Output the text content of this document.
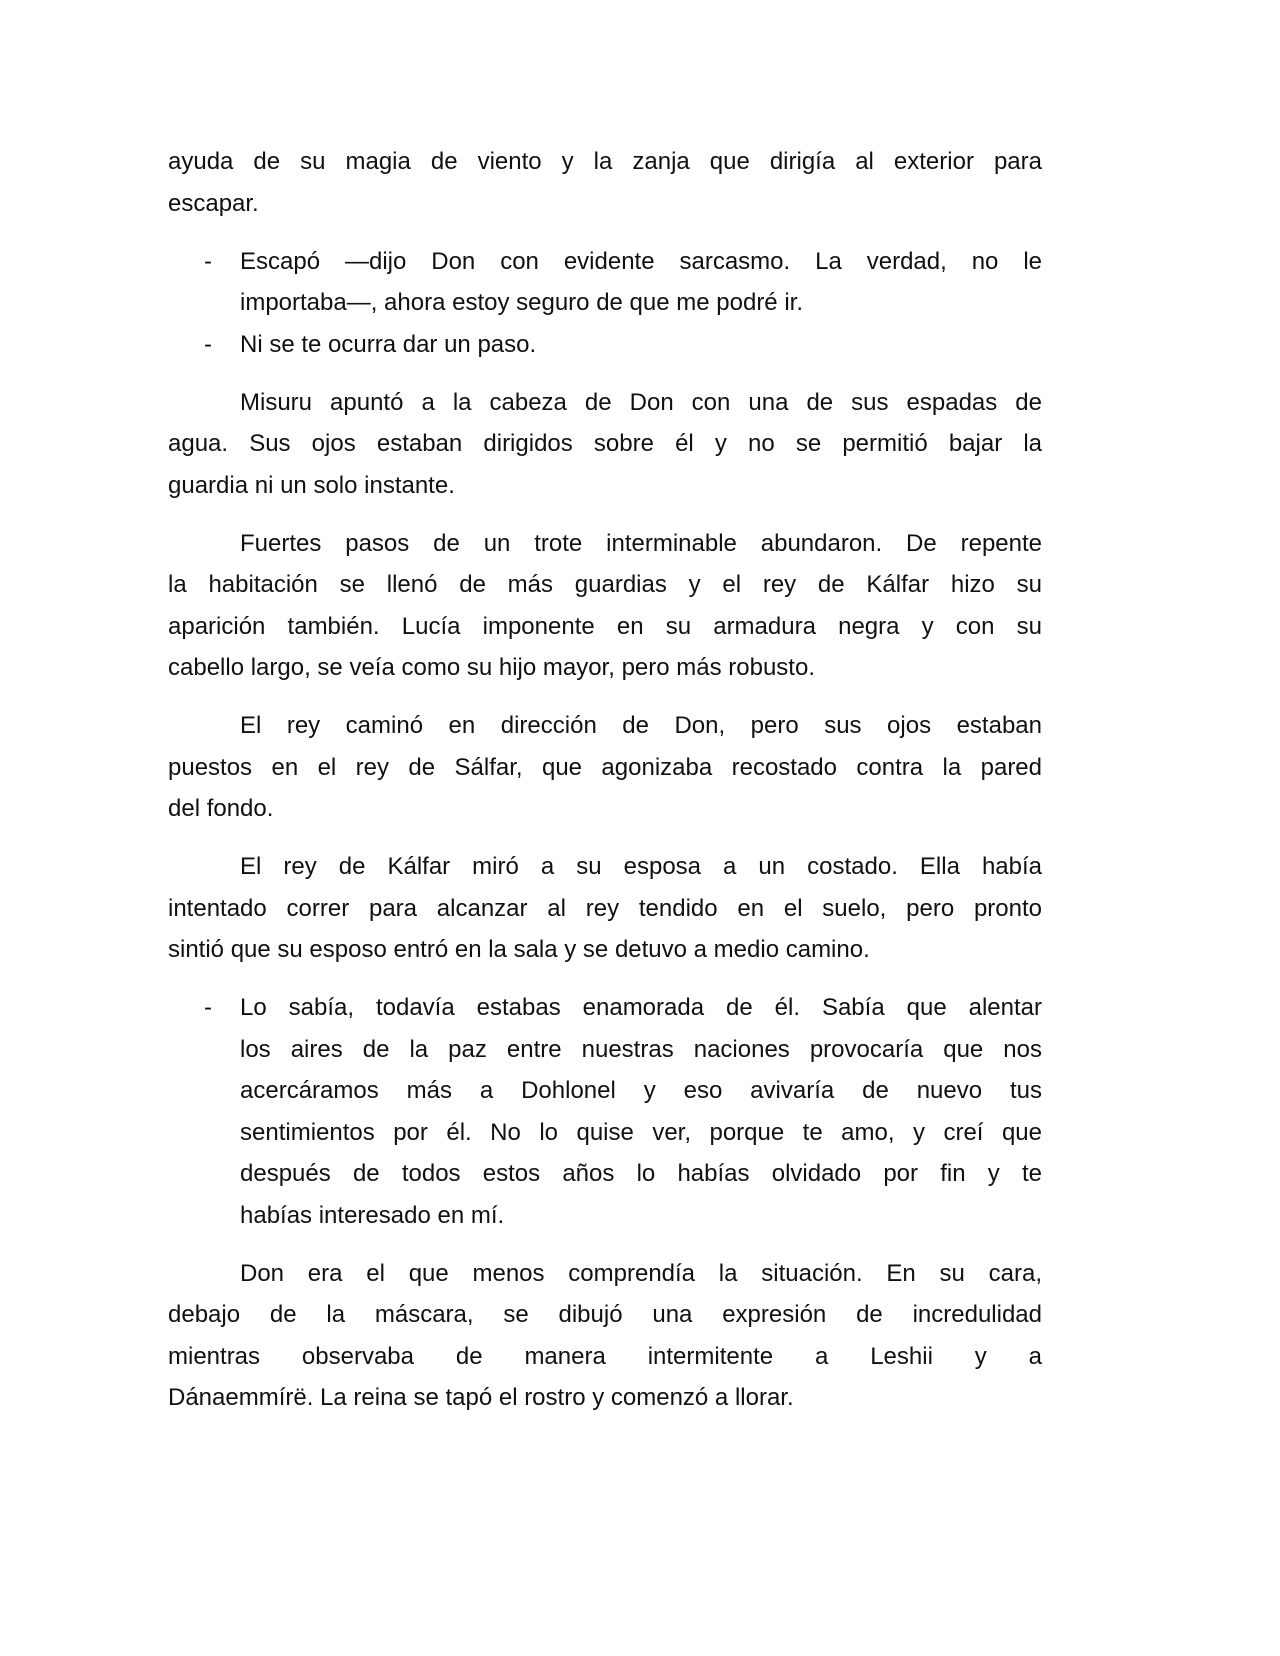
ayuda de su magia de viento y la zanja que dirigía al exterior para
escapar.
- Escapó —dijo Don con evidente sarcasmo. La verdad, no le
importaba—, ahora estoy seguro de que me podré ir.
- Ni se te ocurra dar un paso.
Misuru apuntó a la cabeza de Don con una de sus espadas de
agua. Sus ojos estaban dirigidos sobre él y no se permitió bajar la
guardia ni un solo instante.
Fuertes pasos de un trote interminable abundaron. De repente
la habitación se llenó de más guardias y el rey de Kálfar hizo su
aparición también. Lucía imponente en su armadura negra y con su
cabello largo, se veía como su hijo mayor, pero más robusto.
El rey caminó en dirección de Don, pero sus ojos estaban
puestos en el rey de Sálfar, que agonizaba recostado contra la pared
del fondo.
El rey de Kálfar miró a su esposa a un costado. Ella había
intentado correr para alcanzar al rey tendido en el suelo, pero pronto
sintió que su esposo entró en la sala y se detuvo a medio camino.
- Lo sabía, todavía estabas enamorada de él. Sabía que alentar
los aires de la paz entre nuestras naciones provocaría que nos
acercáramos más a Dohlonel y eso avivaría de nuevo tus
sentimientos por él. No lo quise ver, porque te amo, y creí que
después de todos estos años lo habías olvidado por fin y te
habías interesado en mí.
Don era el que menos comprendía la situación. En su cara,
debajo de la máscara, se dibujó una expresión de incredulidad
mientras observaba de manera intermitente a Leshii y a
Dánaemmírë. La reina se tapó el rostro y comenzó a llorar.
